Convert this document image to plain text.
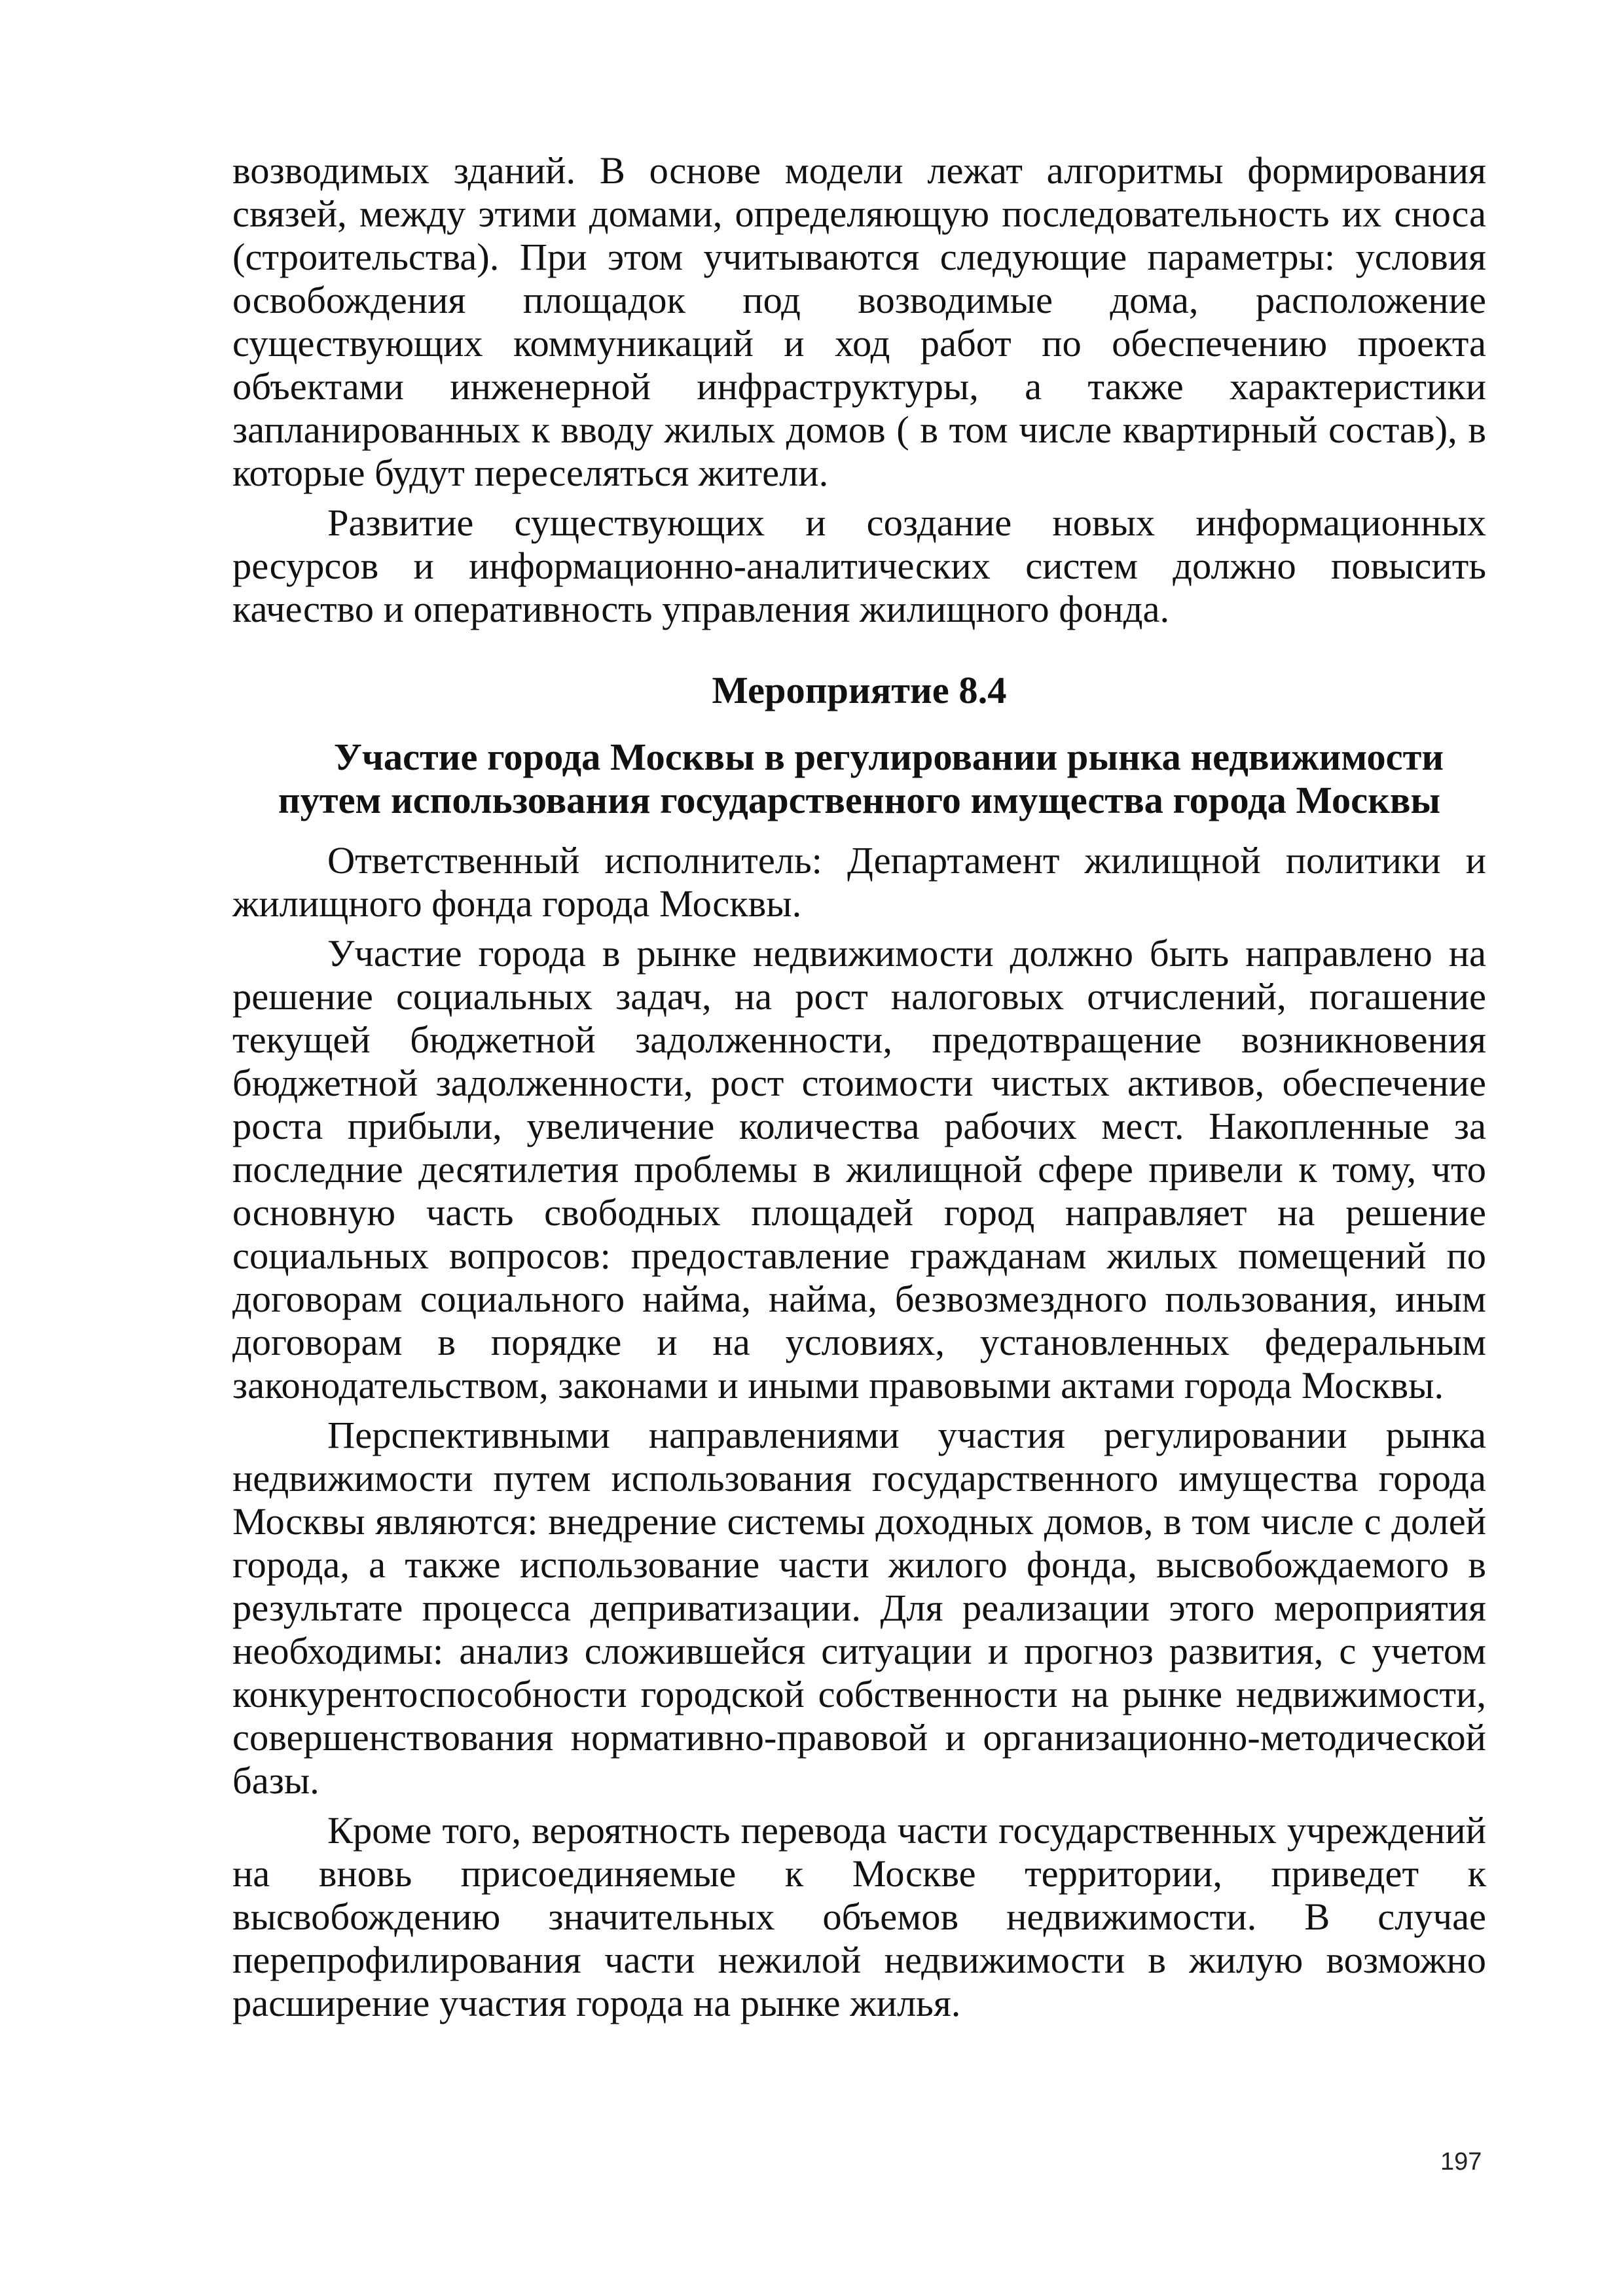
возводимых зданий. В основе модели лежат алгоритмы формирования связей, между этими домами, определяющую последовательность их сноса (строительства). При этом учитываются следующие параметры: условия освобождения площадок под возводимые дома, расположение существующих коммуникаций и ход работ по обеспечению проекта объектами инженерной инфраструктуры, а также характеристики запланированных к вводу жилых домов ( в том числе квартирный состав), в которые будут переселяться жители.

Развитие существующих и создание новых информационных ресурсов и информационно-аналитических систем должно повысить качество и оперативность управления жилищного фонда.

Мероприятие 8.4

Участие города Москвы в регулировании рынка недвижимости
путем использования государственного имущества города Москвы

Ответственный исполнитель: Департамент жилищной политики и жилищного фонда города Москвы.

Участие города в рынке недвижимости должно быть направлено на решение социальных задач, на рост налоговых отчислений, погашение текущей бюджетной задолженности, предотвращение возникновения бюджетной задолженности, рост стоимости чистых активов, обеспечение роста прибыли, увеличение количества рабочих мест. Накопленные за последние десятилетия проблемы в жилищной сфере привели к тому, что основную часть свободных площадей город направляет на решение социальных вопросов: предоставление гражданам жилых помещений по договорам социального найма, найма, безвозмездного пользования, иным договорам в порядке и на условиях, установленных федеральным законодательством, законами и иными правовыми актами города Москвы.

Перспективными направлениями участия регулировании рынка недвижимости путем использования государственного имущества города Москвы являются: внедрение системы доходных домов, в том числе с долей города, а также использование части жилого фонда, высвобождаемого в результате процесса деприватизации. Для реализации этого мероприятия необходимы: анализ сложившейся ситуации и прогноз развития, с учетом конкурентоспособности городской собственности на рынке недвижимости, совершенствования нормативно-правовой и организационно-методической базы.

Кроме того, вероятность перевода части государственных учреждений на вновь присоединяемые к Москве территории, приведет к высвобождению значительных объемов недвижимости. В случае перепрофилирования части нежилой недвижимости в жилую возможно расширение участия города на рынке жилья.

197
